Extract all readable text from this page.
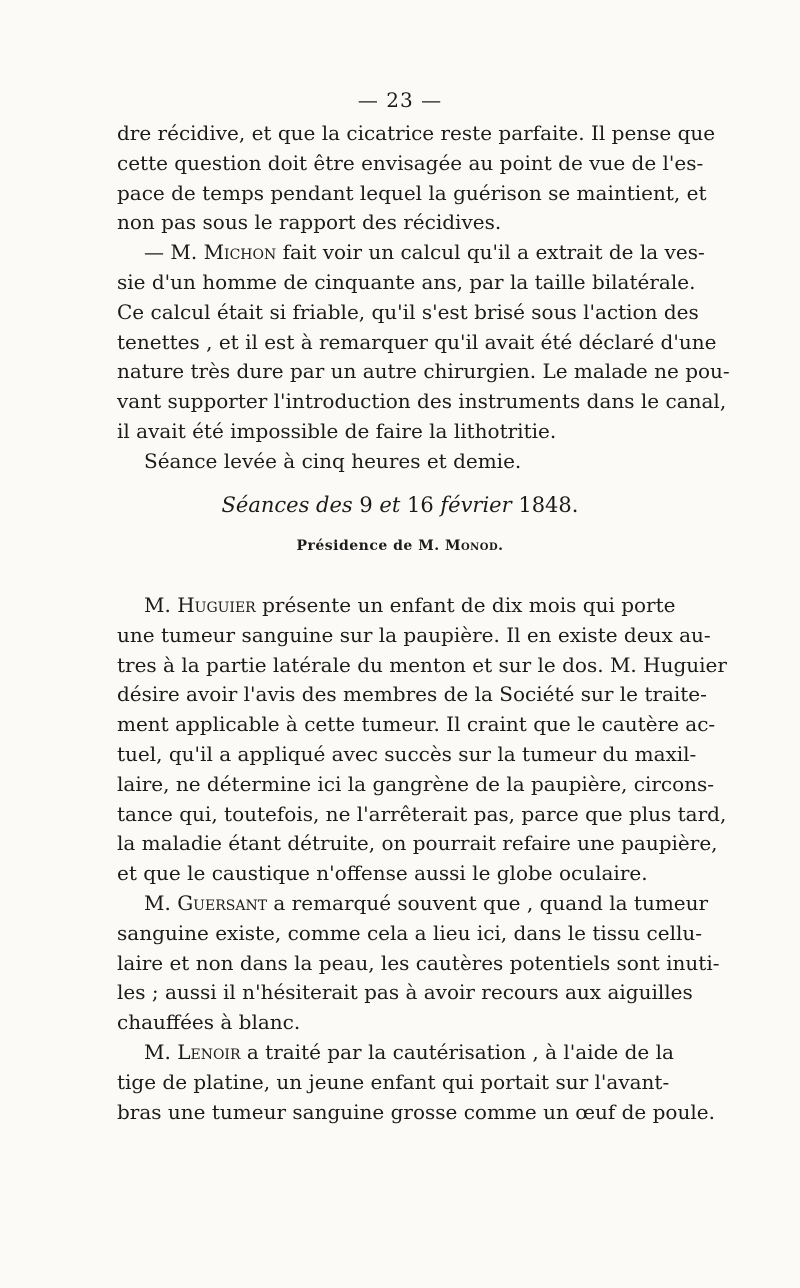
— 23 —
dre récidive, et que la cicatrice reste parfaite. Il pense que
cette question doit être envisagée au point de vue de l'es-
pace de temps pendant lequel la guérison se maintient, et
non pas sous le rapport des récidives.
— M. Michon fait voir un calcul qu'il a extrait de la ves-
sie d'un homme de cinquante ans, par la taille bilatérale.
Ce calcul était si friable, qu'il s'est brisé sous l'action des
tenettes , et il est à remarquer qu'il avait été déclaré d'une
nature très dure par un autre chirurgien. Le malade ne pou-
vant supporter l'introduction des instruments dans le canal,
il avait été impossible de faire la lithotritie.
Séance levée à cinq heures et demie.
Séances des 9 et 16 février 1848.
Présidence de M. Monod.
M. Huguier présente un enfant de dix mois qui porte
une tumeur sanguine sur la paupière. Il en existe deux au-
tres à la partie latérale du menton et sur le dos. M. Huguier
désire avoir l'avis des membres de la Société sur le traite-
ment applicable à cette tumeur. Il craint que le cautère ac-
tuel, qu'il a appliqué avec succès sur la tumeur du maxil-
laire, ne détermine ici la gangrène de la paupière, circons-
tance qui, toutefois, ne l'arrêterait pas, parce que plus tard,
la maladie étant détruite, on pourrait refaire une paupière,
et que le caustique n'offense aussi le globe oculaire.
M. Guersant a remarqué souvent que , quand la tumeur
sanguine existe, comme cela a lieu ici, dans le tissu cellu-
laire et non dans la peau, les cautères potentiels sont inuti-
les ; aussi il n'hésiterait pas à avoir recours aux aiguilles
chauffées à blanc.
M. Lenoir a traité par la cautérisation , à l'aide de la
tige de platine, un jeune enfant qui portait sur l'avant-
bras une tumeur sanguine grosse comme un œuf de poule.
